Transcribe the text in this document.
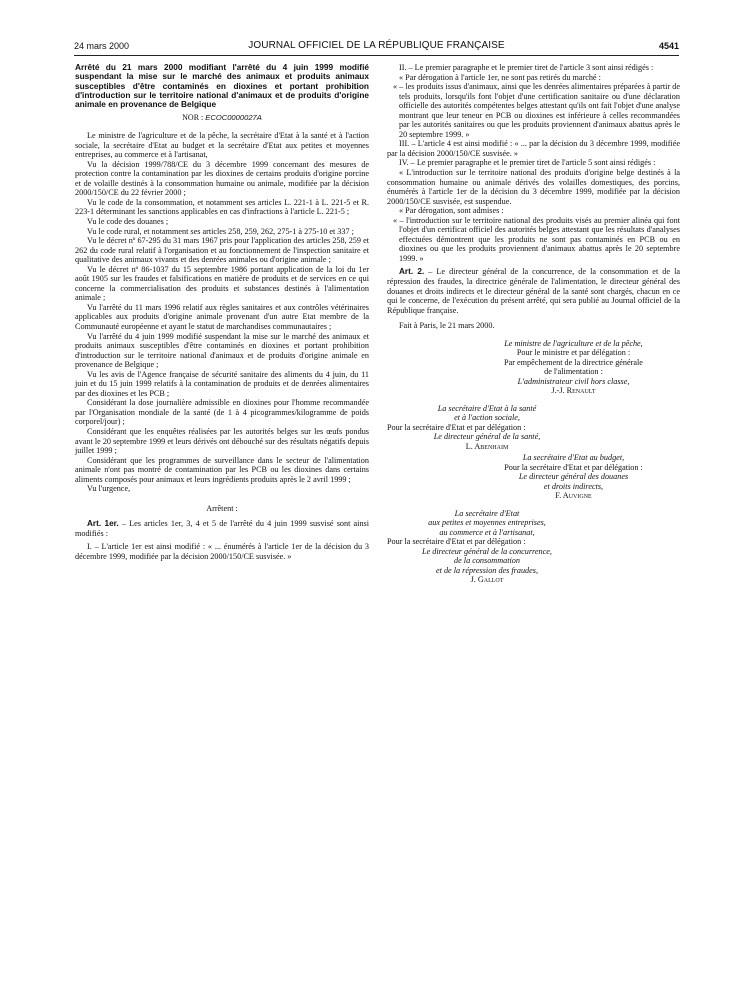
24 mars 2000	JOURNAL OFFICIEL DE LA RÉPUBLIQUE FRANÇAISE	4541

Arrêté du 21 mars 2000 modifiant l'arrêté du 4 juin 1999 modifié suspendant la mise sur le marché des animaux et produits animaux susceptibles d'être contaminés en dioxines et portant prohibition d'introduction sur le territoire national d'animaux et de produits d'origine animale en provenance de Belgique

NOR : ECOC0000027A

Le ministre de l'agriculture et de la pêche, la secrétaire d'Etat à la santé et à l'action sociale, la secrétaire d'Etat au budget et la secrétaire d'Etat aux petites et moyennes entreprises, au commerce et à l'artisanat,

Vu la décision 1999/788/CE du 3 décembre 1999 concernant des mesures de protection contre la contamination par les dioxines de certains produits d'origine porcine et de volaille destinés à la consommation humaine ou animale, modifiée par la décision 2000/150/CE du 22 février 2000 ;

Vu le code de la consommation, et notamment ses articles L. 221-1 à L. 221-5 et R. 223-1 déterminant les sanctions applicables en cas d'infractions à l'article L. 221-5 ;

Vu le code des douanes ;

Vu le code rural, et notamment ses articles 258, 259, 262, 275-1 à 275-10 et 337 ;

Vu le décret nº 67-295 du 31 mars 1967 pris pour l'application des articles 258, 259 et 262 du code rural relatif à l'organisation et au fonctionnement de l'inspection sanitaire et qualitative des animaux vivants et des denrées animales ou d'origine animale ;

Vu le décret nº 86-1037 du 15 septembre 1986 portant application de la loi du 1er août 1905 sur les fraudes et falsifications en matière de produits et de services en ce qui concerne la commercialisation des produits et substances destinés à l'alimentation animale ;

Vu l'arrêté du 11 mars 1996 relatif aux règles sanitaires et aux contrôles vétérinaires applicables aux produits d'origine animale provenant d'un autre Etat membre de la Communauté européenne et ayant le statut de marchandises communautaires ;

Vu l'arrêté du 4 juin 1999 modifié suspendant la mise sur le marché des animaux et produits animaux susceptibles d'être contaminés en dioxines et portant prohibition d'introduction sur le territoire national d'animaux et de produits d'origine animale en provenance de Belgique ;

Vu les avis de l'Agence française de sécurité sanitaire des aliments du 4 juin, du 11 juin et du 15 juin 1999 relatifs à la contamination de produits et de denrées alimentaires par des dioxines et les PCB ;

Considérant la dose journalière admissible en dioxines pour l'homme recommandée par l'Organisation mondiale de la santé (de 1 à 4 picogrammes/kilogramme de poids corporel/jour) ;

Considérant que les enquêtes réalisées par les autorités belges sur les œufs pondus avant le 20 septembre 1999 et leurs dérivés ont débouché sur des résultats négatifs depuis juillet 1999 ;

Considérant que les programmes de surveillance dans le secteur de l'alimentation animale n'ont pas montré de contamination par les PCB ou les dioxines dans certains aliments composés pour animaux et leurs ingrédients produits après le 2 avril 1999 ;

Vu l'urgence,

Arrêtent :

Art. 1er. – Les articles 1er, 3, 4 et 5 de l'arrêté du 4 juin 1999 susvisé sont ainsi modifiés :

I. – L'article 1er est ainsi modifié : « ... énumérés à l'article 1er de la décision du 3 décembre 1999, modifiée par la décision 2000/150/CE susvisée. »

II. – Le premier paragraphe et le premier tiret de l'article 3 sont ainsi rédigés :

« Par dérogation à l'article 1er, ne sont pas retirés du marché :

« – les produits issus d'animaux, ainsi que les denrées alimentaires préparées à partir de tels produits, lorsqu'ils font l'objet d'une certification sanitaire ou d'une déclaration officielle des autorités compétentes belges attestant qu'ils ont fait l'objet d'une analyse montrant que leur teneur en PCB ou dioxines est inférieure à celles recommandées par les autorités sanitaires ou que les produits proviennent d'animaux abattus après le 20 septembre 1999. »

III. – L'article 4 est ainsi modifié : « ... par la décision du 3 décembre 1999, modifiée par la décision 2000/150/CE susvisée. »

IV. – Le premier paragraphe et le premier tiret de l'article 5 sont ainsi rédigés :

« L'introduction sur le territoire national des produits d'origine belge destinés à la consommation humaine ou animale dérivés des volailles domestiques, des porcins, énumérés à l'article 1er de la décision du 3 décembre 1999, modifiée par la décision 2000/150/CE susvisée, est suspendue.

« Par dérogation, sont admises :

« – l'introduction sur le territoire national des produits visés au premier alinéa qui font l'objet d'un certificat officiel des autorités belges attestant que les résultats d'analyses effectuées démontrent que les produits ne sont pas contaminés en PCB ou en dioxines ou que les produits proviennent d'animaux abattus après le 20 septembre 1999. »

Art. 2. – Le directeur général de la concurrence, de la consommation et de la répression des fraudes, la directrice générale de l'alimentation, le directeur général des douanes et droits indirects et le directeur général de la santé sont chargés, chacun en ce qui le concerne, de l'exécution du présent arrêté, qui sera publié au Journal officiel de la République française.

Fait à Paris, le 21 mars 2000.

Le ministre de l'agriculture et de la pêche,

Pour le ministre et par délégation :

Par empêchement de la directrice générale

de l'alimentation :

L'administrateur civil hors classe,

J.-J. Renault

La secrétaire d'Etat à la santé

et à l'action sociale,

Pour la secrétaire d'Etat et par délégation :

Le directeur général de la santé,

L. Abenhaim

La secrétaire d'Etat au budget,

Pour la secrétaire d'Etat et par délégation :

Le directeur général des douanes

et droits indirects,

F. Auvigne

La secrétaire d'Etat

aux petites et moyennes entreprises,

au commerce et à l'artisanat,

Pour la secrétaire d'Etat et par délégation :

Le directeur général de la concurrence,

de la consommation

et de la répression des fraudes,

J. Gallot
